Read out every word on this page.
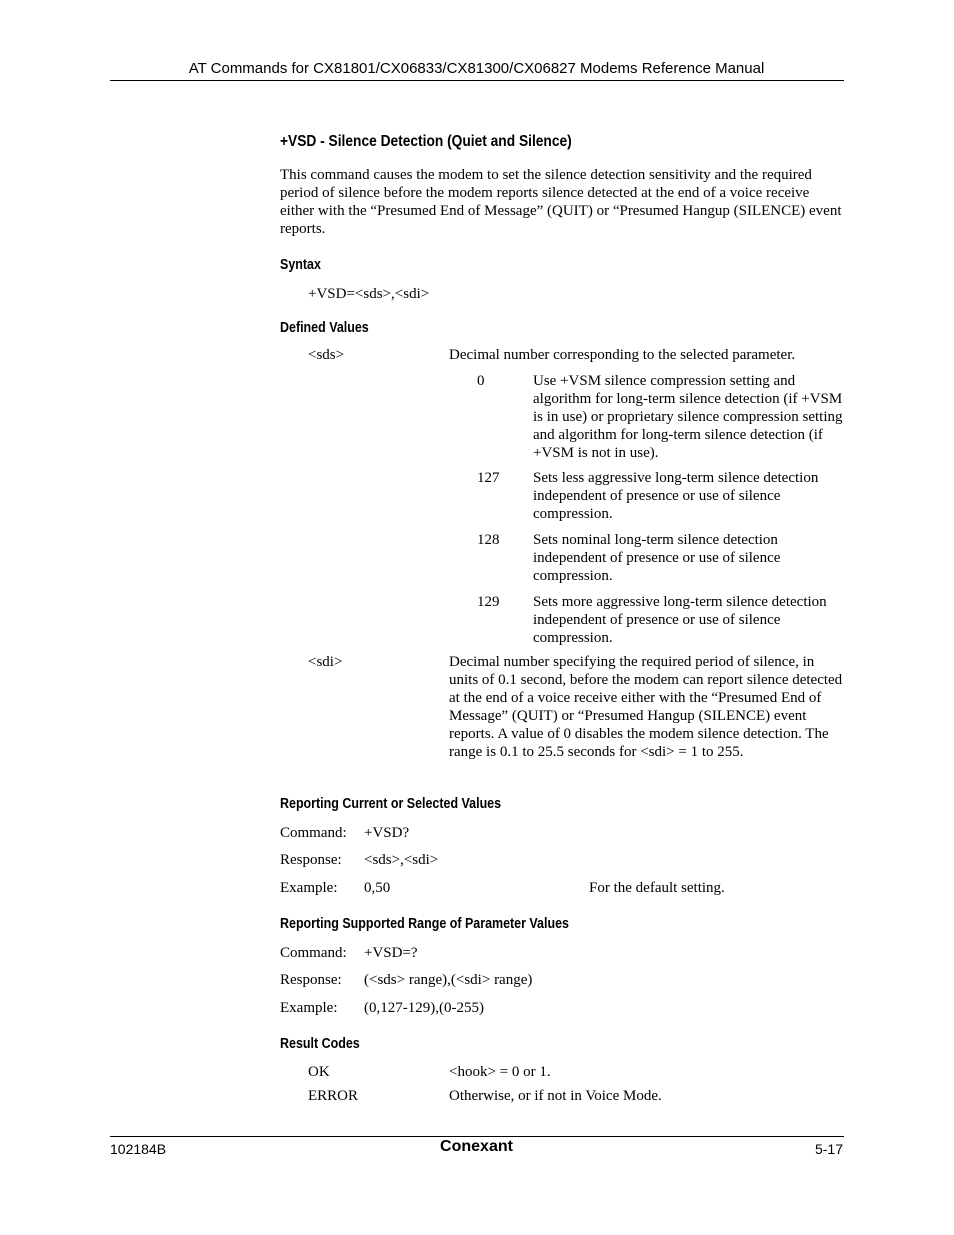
AT Commands for CX81801/CX06833/CX81300/CX06827 Modems Reference Manual
+VSD - Silence Detection (Quiet and Silence)
This command causes the modem to set the silence detection sensitivity and the required period of silence before the modem reports silence detected at the end of a voice receive either with the “Presumed End of Message” (QUIT) or “Presumed Hangup (SILENCE) event reports.
Syntax
+VSD=<sds>,<sdi>
Defined Values
<sds>	Decimal number corresponding to the selected parameter.
0	Use +VSM silence compression setting and algorithm for long-term silence detection (if +VSM is in use) or proprietary silence compression setting and algorithm for long-term silence detection (if +VSM is not in use).
127 Sets less aggressive long-term silence detection independent of presence or use of silence compression.
128 Sets nominal long-term silence detection independent of presence or use of silence compression.
129 Sets more aggressive long-term silence detection independent of presence or use of silence compression.
<sdi>	Decimal number specifying the required period of silence, in units of 0.1 second, before the modem can report silence detected at the end of a voice receive either with the “Presumed End of Message” (QUIT) or “Presumed Hangup (SILENCE) event reports. A value of 0 disables the modem silence detection. The range is 0.1 to 25.5 seconds for <sdi> = 1 to 255.
Reporting Current or Selected Values
Command: +VSD?
Response: <sds>,<sdi>
Example: 0,50	For the default setting.
Reporting Supported Range of Parameter Values
Command: +VSD=?
Response: (<sds> range),(<sdi> range)
Example: (0,127-129),(0-255)
Result Codes
OK	<hook> = 0 or 1.
ERROR	Otherwise, or if not in Voice Mode.
102184B	Conexant	5-17
